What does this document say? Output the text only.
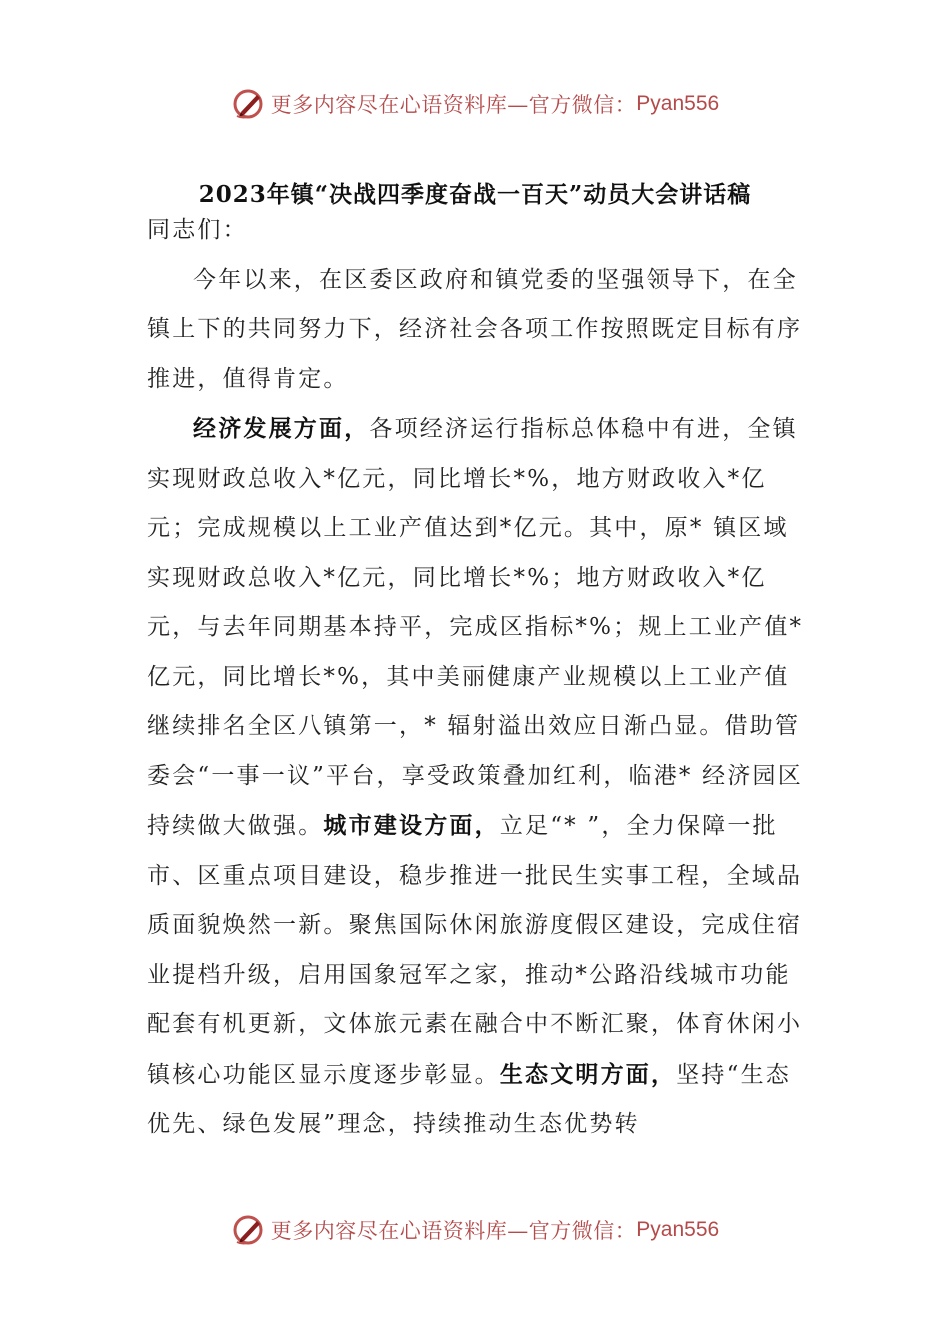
更多内容尽在心语资料库—官方微信： Pyan556
2023年镇“决战四季度奋战一百天”动员大会讲话稿

同志们：

今年以来，在区委区政府和镇党委的坚强领导下，在全镇上下的共同努力下，经济社会各项工作按照既定目标有序推进，值得肯定。

经济发展方面，各项经济运行指标总体稳中有进，全镇实现财政总收入*亿元，同比增长*%，地方财政收入*亿元；完成规模以上工业产值达到*亿元。其中，原* 镇区域实现财政总收入*亿元，同比增长*%；地方财政收入*亿元，与去年同期基本持平，完成区指标*%；规上工业产值*亿元，同比增长*%，其中美丽健康产业规模以上工业产值继续排名全区八镇第一，* 辐射溢出效应日渐凸显。借助管委会“一事一议”平台，享受政策叠加红利，临港* 经济园区持续做大做强。城市建设方面，立足“* ”，全力保障一批市、区重点项目建设，稳步推进一批民生实事工程，全域品质面貌焕然一新。聚焦国际休闲旅游度假区建设，完成住宿业提档升级，启用国象冠军之家，推动*公路沿线城市功能配套有机更新，文体旅元素在融合中不断汇聚，体育休闲小镇核心功能区显示度逐步彰显。生态文明方面，坚持“生态优先、绿色发展”理念，持续推动生态优势转

更多内容尽在心语资料库—官方微信： Pyan556
